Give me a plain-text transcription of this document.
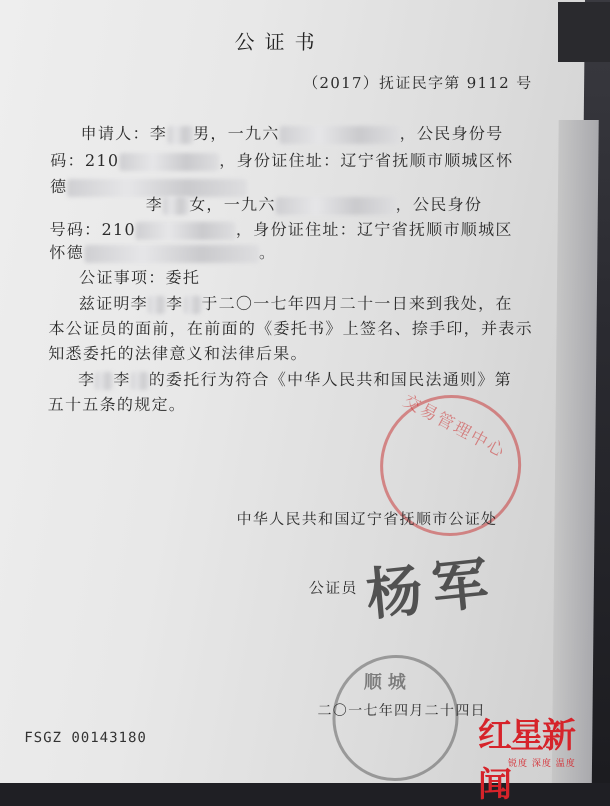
公证书
（2017）抚证民字第 9112 号
申请人：李 男，一九六	，公民身份号
码：210	，身份证住址：辽宁省抚顺市顺城区怀
德
李 女，一九六	，公民身份
号码：210	，身份证住址：辽宁省抚顺市顺城区
怀德	。
公证事项：委托
兹证明李 李 于二〇一七年四月二十一日来到我处，在
本公证员的面前，在前面的《委托书》上签名、捺手印，并表示
知悉委托的法律意义和法律后果。
李 李 的委托行为符合《中华人民共和国民法通则》第
五十五条的规定。	交易管理中心
中华人民共和国辽宁省抚顺市公证处
公证员 杨军
顺城
二〇一七年四月二十四日
FSGZ 00143180	红星新闻
锐度 深度 温度
